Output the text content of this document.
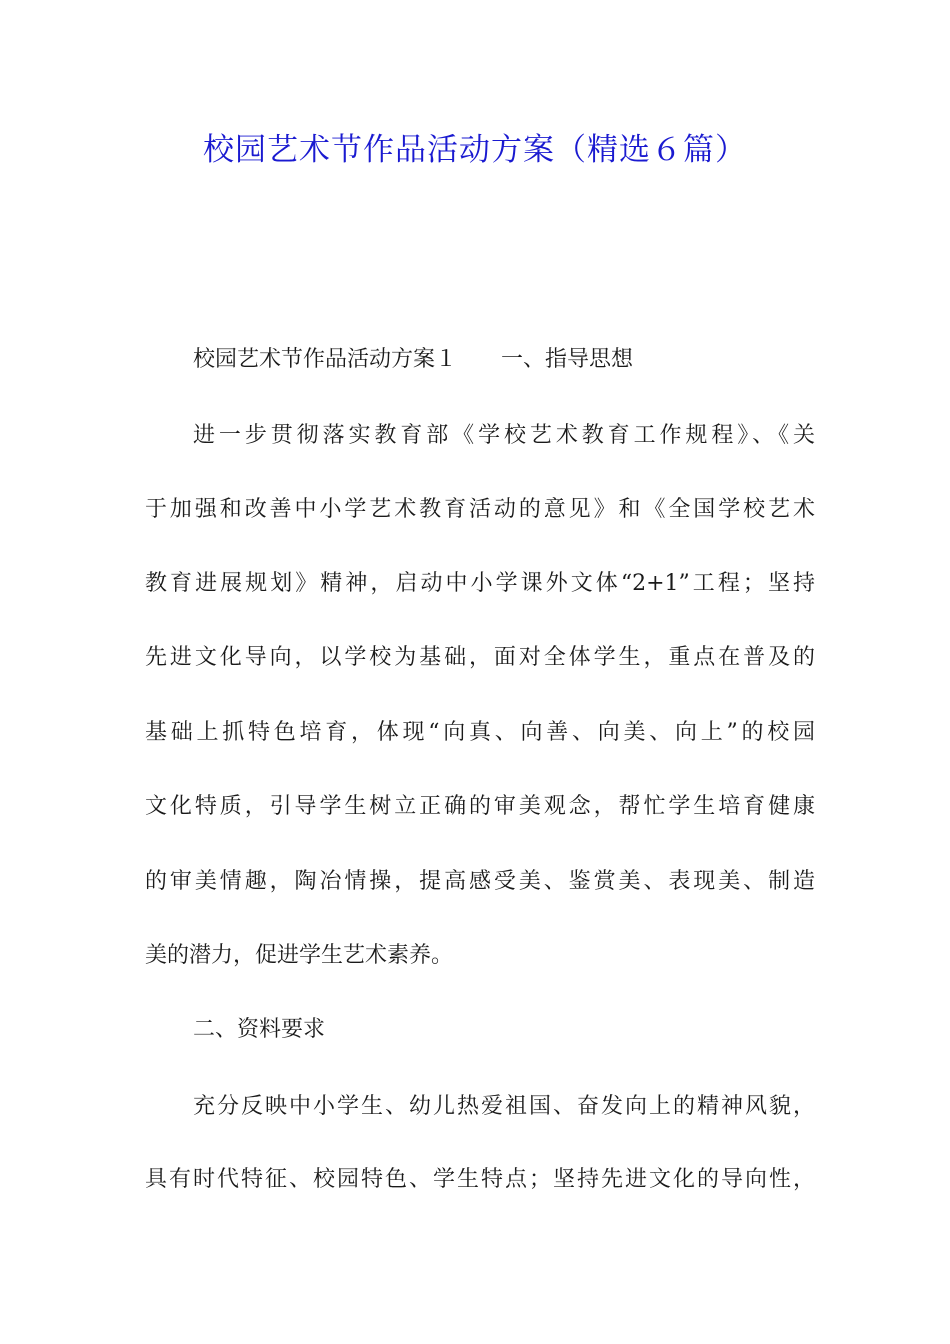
校园艺术节作品活动方案（精选６篇）
校园艺术节作品活动方案１　　一、指导思想
进一步贯彻落实教育部《学校艺术教育工作规程》、《关
于加强和改善中小学艺术教育活动的意见》和《全国学校艺术
教育进展规划》精神，启动中小学课外文体“2+1”工程；坚持
先进文化导向，以学校为基础，面对全体学生，重点在普及的
基础上抓特色培育，体现“向真、向善、向美、向上”的校园
文化特质，引导学生树立正确的审美观念，帮忙学生培育健康
的审美情趣，陶冶情操，提高感受美、鉴赏美、表现美、制造
美的潜力，促进学生艺术素养。
二、资料要求
充分反映中小学生、幼儿热爱祖国、奋发向上的精神风貌，
具有时代特征、校园特色、学生特点；坚持先进文化的导向性，
